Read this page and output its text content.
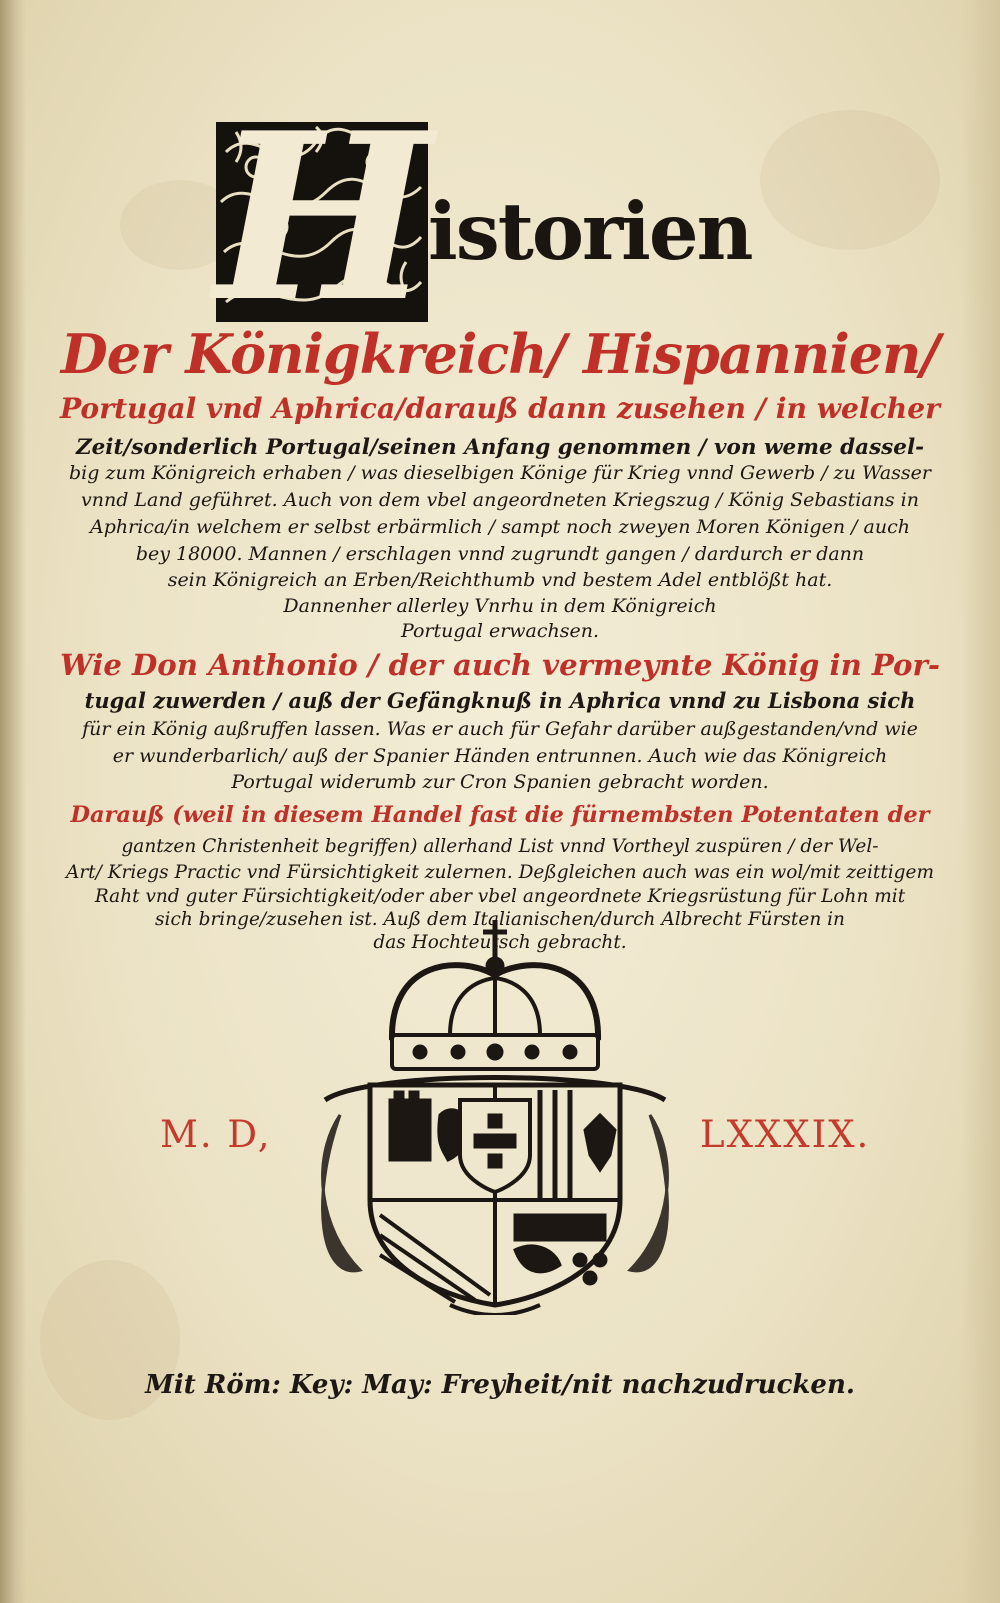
H
istorien
Der Königkreich/ Hispannien/
Portugal vnd Aphrica/darauß dann zusehen / in welcher
Zeit/sonderlich Portugal/seinen Anfang genommen / von weme dassel-
big zum Königreich erhaben / was dieselbigen Könige für Krieg vnnd Gewerb / zu Wasser
vnnd Land geführet. Auch von dem vbel angeordneten Kriegszug / König Sebastians in
Aphrica/in welchem er selbst erbärmlich / sampt noch zweyen Moren Königen / auch
bey 18000. Mannen / erschlagen vnnd zugrundt gangen / dardurch er dann
sein Königreich an Erben/Reichthumb vnd bestem Adel entblößt hat.
Dannenher allerley Vnrhu in dem Königreich
Portugal erwachsen.
Wie Don Anthonio / der auch vermeynte König in Por-
tugal zuwerden / auß der Gefängknuß in Aphrica vnnd zu Lisbona sich
für ein König außruffen lassen. Was er auch für Gefahr darüber außgestanden/vnd wie
er wunderbarlich/ auß der Spanier Händen entrunnen. Auch wie das Königreich
Portugal widerumb zur Cron Spanien gebracht worden.
Darauß (weil in diesem Handel fast die fürnembsten Potentaten der
gantzen Christenheit begriffen) allerhand List vnnd Vortheyl zuspüren / der Wel-
Art/ Kriegs Practic vnd Fürsichtigkeit zulernen. Deßgleichen auch was ein wol/mit zeittigem
Raht vnd guter Fürsichtigkeit/oder aber vbel angeordnete Kriegsrüstung für Lohn mit
sich bringe/zusehen ist. Auß dem Italianischen/durch Albrecht Fürsten in
das Hochteutsch gebracht.
M. D,	LXXXIX.
Mit Röm: Key: May: Freyheit/nit nachzudrucken.
